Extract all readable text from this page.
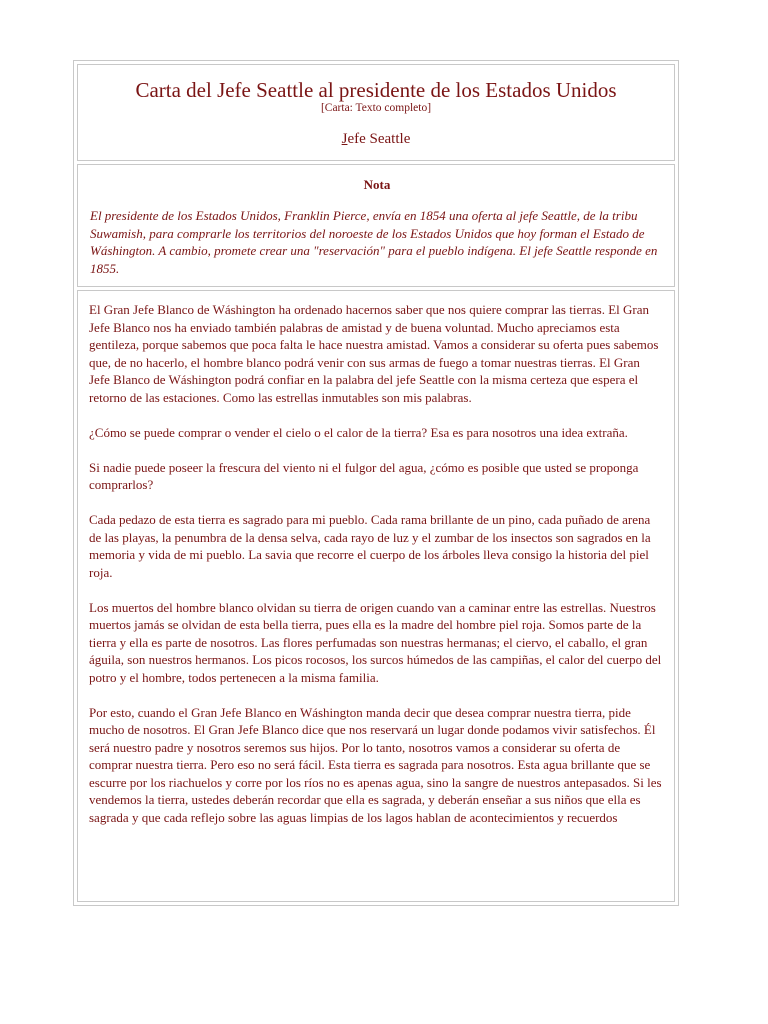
Carta del Jefe Seattle al presidente de los Estados Unidos
[Carta: Texto completo]
Jefe Seattle
Nota
El presidente de los Estados Unidos, Franklin Pierce, envía en 1854 una oferta al jefe Seattle, de la tribu Suwamish, para comprarle los territorios del noroeste de los Estados Unidos que hoy forman el Estado de Wáshington. A cambio, promete crear una "reservación" para el pueblo indígena. El jefe Seattle responde en 1855.

El Gran Jefe Blanco de Wáshington ha ordenado hacernos saber que nos quiere comprar las tierras. El Gran Jefe Blanco nos ha enviado también palabras de amistad y de buena voluntad. Mucho apreciamos esta gentileza, porque sabemos que poca falta le hace nuestra amistad. Vamos a considerar su oferta pues sabemos que, de no hacerlo, el hombre blanco podrá venir con sus armas de fuego a tomar nuestras tierras. El Gran Jefe Blanco de Wáshington podrá confiar en la palabra del jefe Seattle con la misma certeza que espera el retorno de las estaciones. Como las estrellas inmutables son mis palabras.

¿Cómo se puede comprar o vender el cielo o el calor de la tierra? Esa es para nosotros una idea extraña.

Si nadie puede poseer la frescura del viento ni el fulgor del agua, ¿cómo es posible que usted se proponga comprarlos?

Cada pedazo de esta tierra es sagrado para mi pueblo. Cada rama brillante de un pino, cada puñado de arena de las playas, la penumbra de la densa selva, cada rayo de luz y el zumbar de los insectos son sagrados en la memoria y vida de mi pueblo. La savia que recorre el cuerpo de los árboles lleva consigo la historia del piel roja.

Los muertos del hombre blanco olvidan su tierra de origen cuando van a caminar entre las estrellas. Nuestros muertos jamás se olvidan de esta bella tierra, pues ella es la madre del hombre piel roja. Somos parte de la tierra y ella es parte de nosotros. Las flores perfumadas son nuestras hermanas; el ciervo, el caballo, el gran águila, son nuestros hermanos. Los picos rocosos, los surcos húmedos de las campiñas, el calor del cuerpo del potro y el hombre, todos pertenecen a la misma familia.

Por esto, cuando el Gran Jefe Blanco en Wáshington manda decir que desea comprar nuestra tierra, pide mucho de nosotros. El Gran Jefe Blanco dice que nos reservará un lugar donde podamos vivir satisfechos. Él será nuestro padre y nosotros seremos sus hijos. Por lo tanto, nosotros vamos a considerar su oferta de comprar nuestra tierra. Pero eso no será fácil. Esta tierra es sagrada para nosotros. Esta agua brillante que se escurre por los riachuelos y corre por los ríos no es apenas agua, sino la sangre de nuestros antepasados. Si les vendemos la tierra, ustedes deberán recordar que ella es sagrada, y deberán enseñar a sus niños que ella es sagrada y que cada reflejo sobre las aguas limpias de los lagos hablan de acontecimientos y recuerdos
